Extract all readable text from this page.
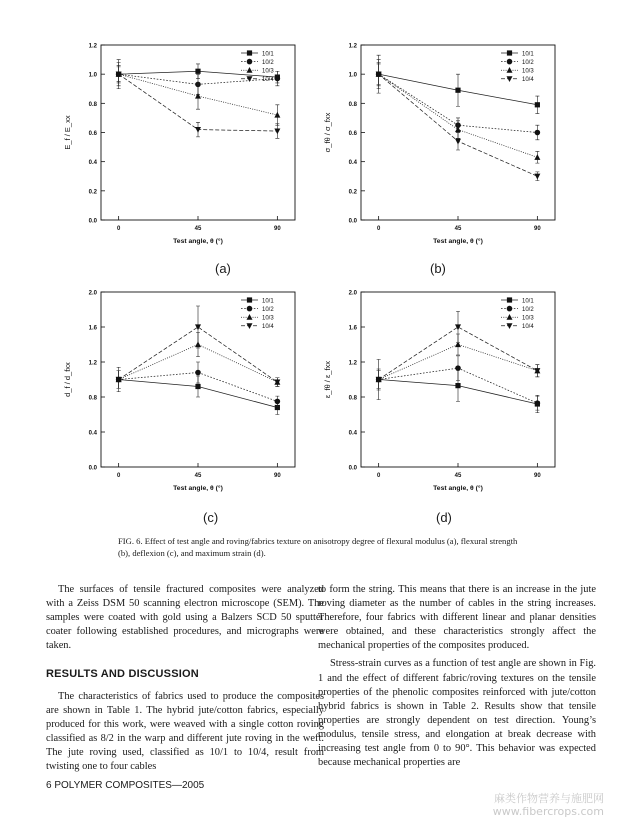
0.0
0.2
0.4
0.6
0.8
1.0
1.2
0	45	90
Test angle, θ (°)
E_f / E_xx
10/1
10/2
10/3
10/4
0.0
0.2
0.4
0.6
0.8
1.0
1.2
0	45	90
Test angle, θ (°)
σ_fθ / σ_fxx
10/1
10/2
10/3
10/4
0.0
0.4
0.8
1.2
1.6
2.0
0	45	90
Test angle, θ (°)
d_f / d_fxx
10/1
10/2
10/3
10/4
0.0
0.4
0.8
1.2
1.6
2.0
0	45	90
Test angle, θ (°)
ε_fθ / ε_fxx
10/1
10/2
10/3
10/4
(a)	(b)
(c)	(d)
FIG. 6. Effect of test angle and roving/fabrics texture on anisotropy degree of flexural modulus (a), flexural strength (b), deflexion (c), and maximum strain (d).

The surfaces of tensile fractured composites were analyzed with a Zeiss DSM 50 scanning electron microscope (SEM). The samples were coated with gold using a Balzers SCD 50 sputter coater following established procedures, and micrographs were taken.

RESULTS AND DISCUSSION

The characteristics of fabrics used to produce the composites are shown in Table 1. The hybrid jute/cotton fabrics, especially produced for this work, were weaved with a single cotton roving classified as 8/2 in the warp and different jute roving in the weft. The jute roving used, classified as 10/1 to 10/4, result from twisting one to four cables

to form the string. This means that there is an increase in the jute roving diameter as the number of cables in the string increases. Therefore, four fabrics with different linear and planar densities were obtained, and these characteristics strongly affect the mechanical properties of the composites produced.

Stress-strain curves as a function of test angle are shown in Fig. 1 and the effect of different fabric/roving textures on the tensile properties of the phenolic composites reinforced with jute/cotton hybrid fabrics is shown in Table 2. Results show that tensile properties are strongly dependent on test direction. Young’s modulus, tensile stress, and elongation at break decrease with increasing test angle from 0 to 90°. This behavior was expected because mechanical properties are

6 POLYMER COMPOSITES—2005
麻类作物营养与施肥网
www.fibercrops.com
